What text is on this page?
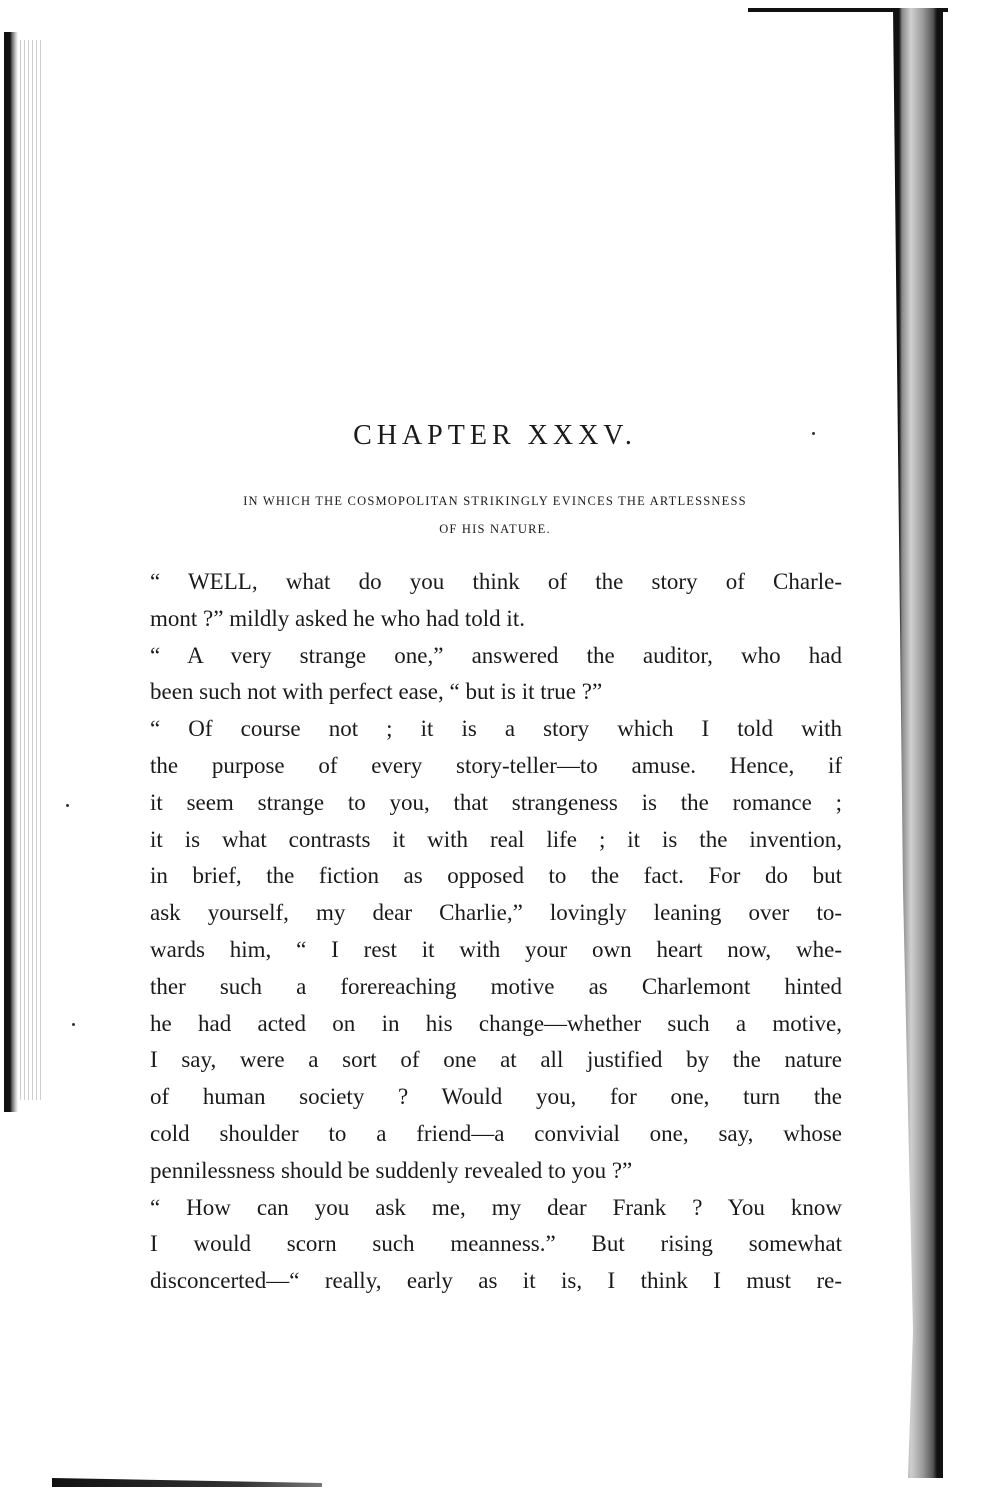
CHAPTER XXXV.
IN WHICH THE COSMOPOLITAN STRIKINGLY EVINCES THE ARTLESSNESS
OF HIS NATURE.
“ WELL, what do you think of the story of Charle-
mont ?” mildly asked he who had told it.
“ A very strange one,” answered the auditor, who had
been such not with perfect ease, “ but is it true ?”
“ Of course not ; it is a story which I told with
the purpose of every story-teller—to amuse. Hence, if
it seem strange to you, that strangeness is the romance ;
it is what contrasts it with real life ; it is the invention,
in brief, the fiction as opposed to the fact. For do but
ask yourself, my dear Charlie,” lovingly leaning over to-
wards him, “ I rest it with your own heart now, whe-
ther such a forereaching motive as Charlemont hinted
he had acted on in his change—whether such a motive,
I say, were a sort of one at all justified by the nature
of human society ? Would you, for one, turn the
cold shoulder to a friend—a convivial one, say, whose
pennilessness should be suddenly revealed to you ?”
“ How can you ask me, my dear Frank ? You know
I would scorn such meanness.” But rising somewhat
disconcerted—“ really, early as it is, I think I must re-
